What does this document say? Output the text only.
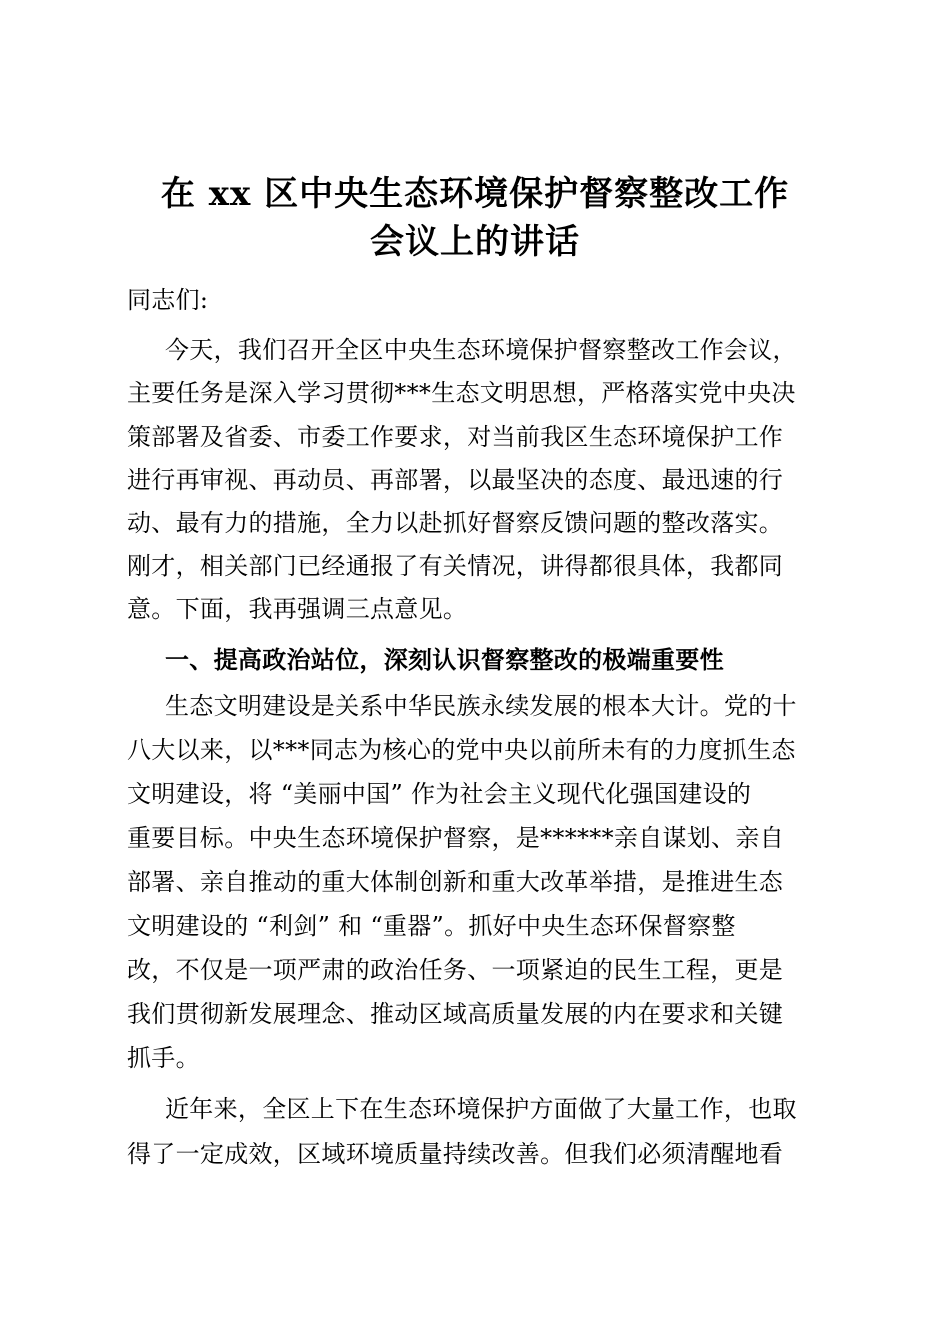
在 xx 区中央生态环境保护督察整改工作
会议上的讲话
同志们:
今天，我们召开全区中央生态环境保护督察整改工作会议，
主要任务是深入学习贯彻***生态文明思想，严格落实党中央决
策部署及省委、市委工作要求，对当前我区生态环境保护工作
进行再审视、再动员、再部署，以最坚决的态度、最迅速的行
动、最有力的措施，全力以赴抓好督察反馈问题的整改落实。
刚才，相关部门已经通报了有关情况，讲得都很具体，我都同
意。下面，我再强调三点意见。
一、提高政治站位，深刻认识督察整改的极端重要性
生态文明建设是关系中华民族永续发展的根本大计。党的十
八大以来，以***同志为核心的党中央以前所未有的力度抓生态
文明建设，将 “美丽中国” 作为社会主义现代化强国建设的
重要目标。中央生态环境保护督察，是******亲自谋划、亲自
部署、亲自推动的重大体制创新和重大改革举措，是推进生态
文明建设的 “利剑” 和 “重器”。抓好中央生态环保督察整
改，不仅是一项严肃的政治任务、一项紧迫的民生工程，更是
我们贯彻新发展理念、推动区域高质量发展的内在要求和关键
抓手。
近年来，全区上下在生态环境保护方面做了大量工作，也取
得了一定成效，区域环境质量持续改善。但我们必须清醒地看
